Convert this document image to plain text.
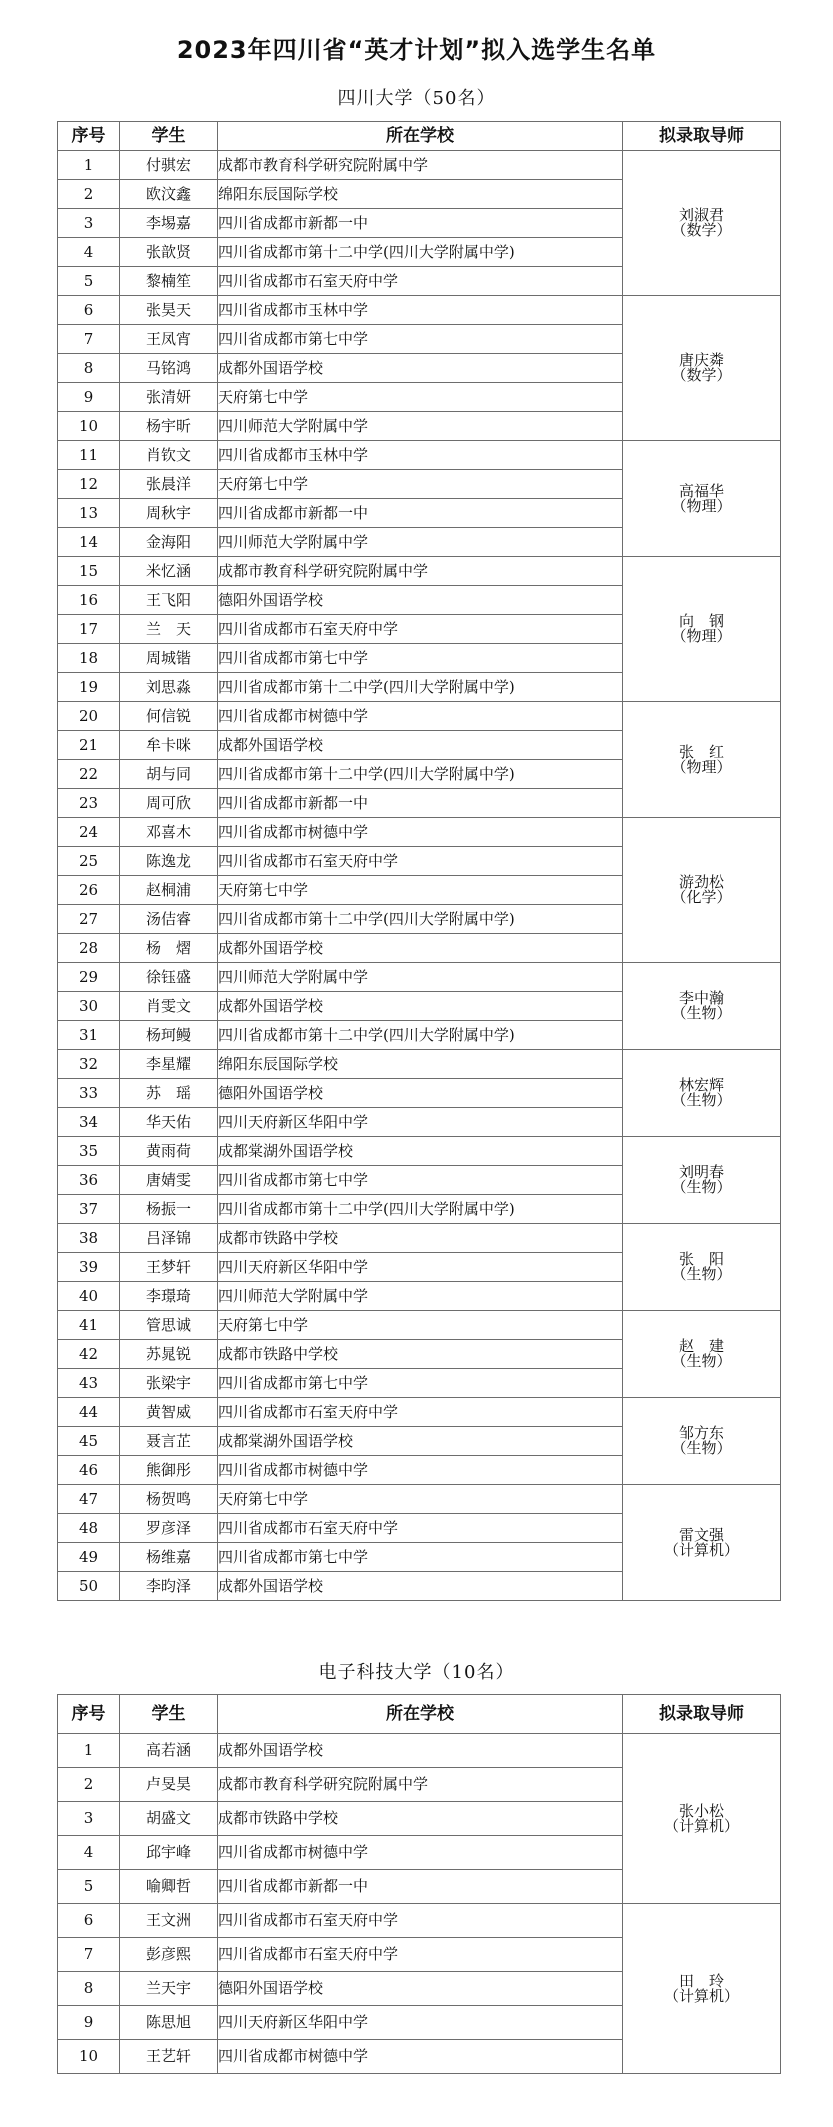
2023年四川省“英才计划”拟入选学生名单
四川大学（50名）
序号	学生	所在学校	拟录取导师
1	付骐宏	成都市教育科学研究院附属中学	刘淑君
（数学）

2	欧汶鑫	绵阳东辰国际学校	
3	李埸嘉	四川省成都市新都一中	
4	张歆贤	四川省成都市第十二中学(四川大学附属中学)	
5	黎楠笙	四川省成都市石室天府中学	
6	张昊天	四川省成都市玉林中学	唐庆粦
（数学）

7	王凤宵	四川省成都市第七中学	
8	马铭鸿	成都外国语学校	
9	张清妍	天府第七中学	
10	杨宇昕	四川师范大学附属中学	
11	肖钦文	四川省成都市玉林中学	高福华
（物理）

12	张晨洋	天府第七中学	
13	周秋宇	四川省成都市新都一中	
14	金海阳	四川师范大学附属中学	
15	米忆涵	成都市教育科学研究院附属中学	向　钢
（物理）

16	王飞阳	德阳外国语学校	
17	兰　天	四川省成都市石室天府中学	
18	周城锴	四川省成都市第七中学	
19	刘思淼	四川省成都市第十二中学(四川大学附属中学)	
20	何信锐	四川省成都市树德中学	张　红
（物理）

21	牟卡咪	成都外国语学校	
22	胡与同	四川省成都市第十二中学(四川大学附属中学)	
23	周可欣	四川省成都市新都一中	
24	邓喜木	四川省成都市树德中学	游劲松
（化学）

25	陈逸龙	四川省成都市石室天府中学	
26	赵桐浦	天府第七中学	
27	汤佶睿	四川省成都市第十二中学(四川大学附属中学)	
28	杨　熠	成都外国语学校	
29	徐钰盛	四川师范大学附属中学	李中瀚
（生物）

30	肖雯文	成都外国语学校	
31	杨珂鳗	四川省成都市第十二中学(四川大学附属中学)	
32	李星耀	绵阳东辰国际学校	林宏辉
（生物）

33	苏　瑶	德阳外国语学校	
34	华天佑	四川天府新区华阳中学	
35	黄雨荷	成都棠湖外国语学校	刘明春
（生物）

36	唐婧雯	四川省成都市第七中学	
37	杨振一	四川省成都市第十二中学(四川大学附属中学)	
38	吕泽锦	成都市铁路中学校	张　阳
（生物）

39	王梦轩	四川天府新区华阳中学	
40	李璟琦	四川师范大学附属中学	
41	管思诚	天府第七中学	赵　建
（生物）

42	苏晁锐	成都市铁路中学校	
43	张梁宇	四川省成都市第七中学	
44	黄智威	四川省成都市石室天府中学	邹方东
（生物）

45	聂言芷	成都棠湖外国语学校	
46	熊御彤	四川省成都市树德中学	
47	杨贺鸣	天府第七中学	雷文强
（计算机）

48	罗彦泽	四川省成都市石室天府中学	
49	杨维嘉	四川省成都市第七中学	
50	李昀泽	成都外国语学校	
电子科技大学（10名）
序号	学生	所在学校	拟录取导师
1	高若涵	成都外国语学校	张小松
（计算机）

2	卢旻昊	成都市教育科学研究院附属中学	
3	胡盛文	成都市铁路中学校	
4	邱宇峰	四川省成都市树德中学	
5	喻卿哲	四川省成都市新都一中	
6	王文洲	四川省成都市石室天府中学	田　玲
（计算机）

7	彭彦熙	四川省成都市石室天府中学	
8	兰天宇	德阳外国语学校	
9	陈思旭	四川天府新区华阳中学	
10	王艺轩	四川省成都市树德中学	
